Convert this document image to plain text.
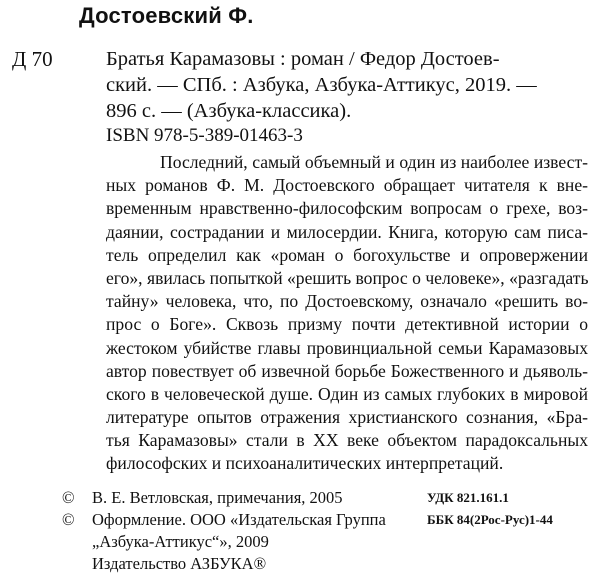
Достоевский Ф.
Д 70	Братья Карамазовы : роман / Федор Достоев-
ский. — СПб. : Азбука, Азбука-Аттикус, 2019. —
896 с. — (Азбука-классика).
ISBN 978-5-389-01463-3
Последний, самый объемный и один из наиболее извест-
ных романов Ф. М. Достоевского обращает читателя к вне-
временным нравственно-философским вопросам о грехе, воз-
даянии, сострадании и милосердии. Книга, которую сам писа-
тель определил как «роман о богохульстве и опровержении
его», явилась попыткой «решить вопрос о человеке», «разгадать
тайну» человека, что, по Достоевскому, означало «решить во-
прос о Боге». Сквозь призму почти детективной истории о
жестоком убийстве главы провинциальной семьи Карамазовых
автор повествует об извечной борьбе Божественного и дьяволь-
ского в человеческой душе. Один из самых глубоких в мировой
литературе опытов отражения христианского сознания, «Бра-
тья Карамазовы» стали в XX веке объектом парадоксальных
философских и психоаналитических интерпретаций.
© В. Е. Ветловская, примечания, 2005
© Оформление. ООО «Издательская Группа
„Азбука-Аттикус“», 2009
Издательство АЗБУКА®
УДК 821.161.1
ББК 84(2Рос-Рус)1-44
